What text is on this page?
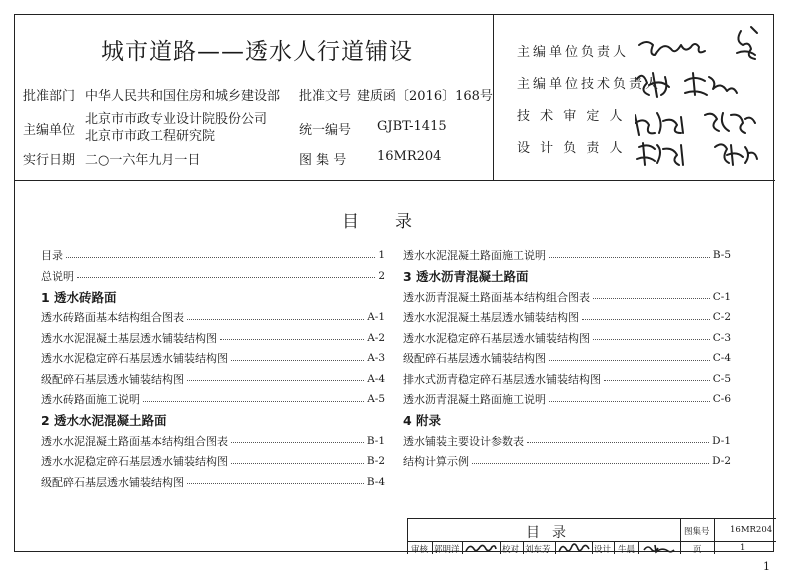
城市道路——透水人行道铺设
批准部门 中华人民共和国住房和城乡建设部 批准文号 建质函〔2016〕168号
主编单位
北京市市政专业设计院股份公司
北京市市政工程研究院	统一编号 GJBT-1415
实行日期 二○一六年九月一日	图 集 号 16MR204
主编单位负责人
主编单位技术负责人
技 术 审 定 人
设 计 负 责 人
目录
目录	1
总说明	2
1 透水砖路面
透水砖路面基本结构组合图表	A-1
透水水泥混凝土基层透水铺装结构图	A-2
透水水泥稳定碎石基层透水铺装结构图	A-3
级配碎石基层透水铺装结构图	A-4
透水砖路面施工说明	A-5
2 透水水泥混凝土路面
透水水泥混凝土路面基本结构组合图表	B-1
透水水泥稳定碎石基层透水铺装结构图	B-2
级配碎石基层透水铺装结构图	B-4
透水水泥混凝土路面施工说明	B-5
3 透水沥青混凝土路面
透水沥青混凝土路面基本结构组合图表	C-1
透水水泥混凝土基层透水铺装结构图	C-2
透水水泥稳定碎石基层透水铺装结构图	C-3
级配碎石基层透水铺装结构图	C-4
排水式沥青稳定碎石基层透水铺装结构图	C-5
透水沥青混凝土路面施工说明	C-6
4 附录
透水铺装主要设计参数表	D-1
结构计算示例	D-2
目录	图集号 16MR204
审核 郭明洋	校对 刘东芳	设计 牛晨	页	1
1
